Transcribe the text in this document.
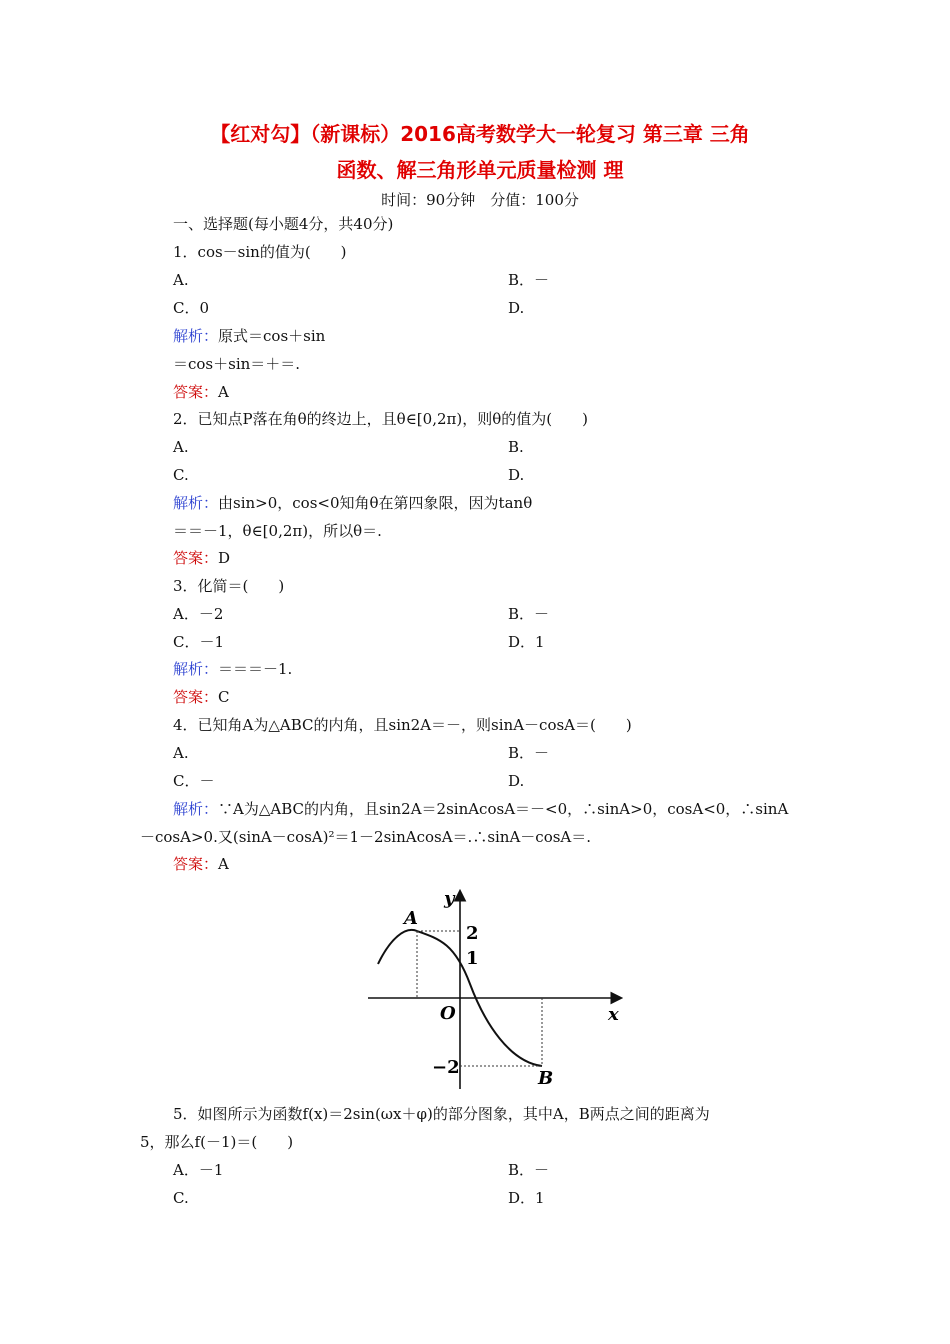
【红对勾】（新课标）2016高考数学大一轮复习 第三章 三角
函数、解三角形单元质量检测 理
时间：90分钟　分值：100分
一、选择题(每小题4分，共40分)
1．cos－sin的值为(　　)
A.	B．－
C．0	D.
解析：原式＝cos＋sin
＝cos＋sin＝＋＝.
答案：A
2．已知点P落在角θ的终边上，且θ∈[0,2π)，则θ的值为(　　)
A.	B.
C.	D.
解析：由sin>0，cos<0知角θ在第四象限，因为tanθ
＝＝－1，θ∈[0,2π)，所以θ＝.
答案：D
3．化简＝(　　)
A．－2	B．－
C．－1	D．1
解析：＝＝＝－1.
答案：C
4．已知角A为△ABC的内角，且sin2A＝－，则sinA－cosA＝(　　)
A.	B．－
C．－	D.
解析：∵A为△ABC的内角，且sin2A＝2sinAcosA＝－<0，∴sinA>0，cosA<0，∴sinA
－cosA>0.又(sinA－cosA)²＝1－2sinAcosA＝.∴sinA－cosA＝.
答案：A
y
x
O
A
B
2
1
−2
5．如图所示为函数f(x)＝2sin(ωx＋φ)的部分图象，其中A，B两点之间的距离为
5，那么f(－1)＝(　　)
A．－1	B．－
C.	D．1
